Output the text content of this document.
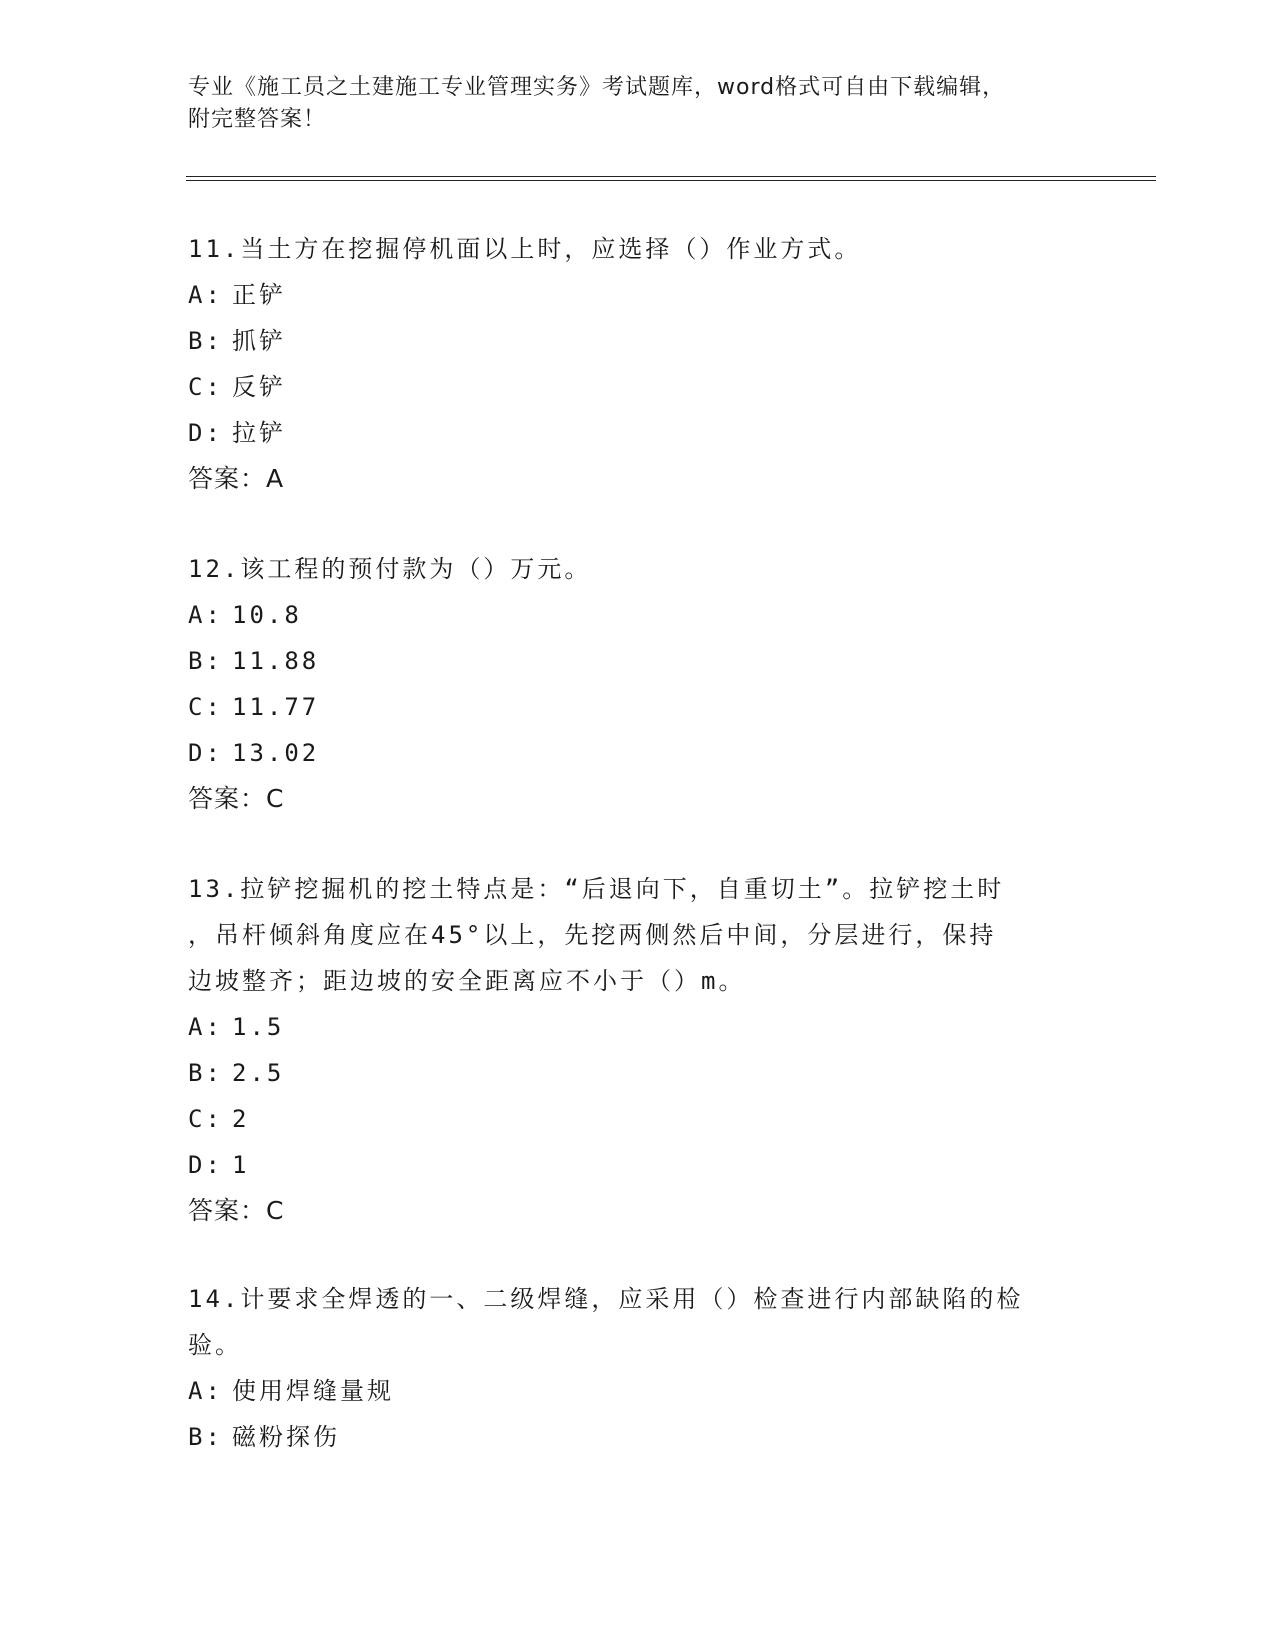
专业《施工员之土建施工专业管理实务》考试题库，word格式可自由下载编辑，
附完整答案！
11.当土方在挖掘停机面以上时，应选择（）作业方式。
A: 正铲
B: 抓铲
C: 反铲
D: 拉铲
答案：A
12.该工程的预付款为（）万元。
A: 10.8
B: 11.88
C: 11.77
D: 13.02
答案：C
13.拉铲挖掘机的挖土特点是：“后退向下，自重切土”。拉铲挖土时
，吊杆倾斜角度应在45°以上，先挖两侧然后中间，分层进行，保持
边坡整齐；距边坡的安全距离应不小于（）m。
A: 1.5
B: 2.5
C: 2
D: 1
答案：C
14.计要求全焊透的一、二级焊缝，应采用（）检查进行内部缺陷的检
验。
A: 使用焊缝量规
B: 磁粉探伤
